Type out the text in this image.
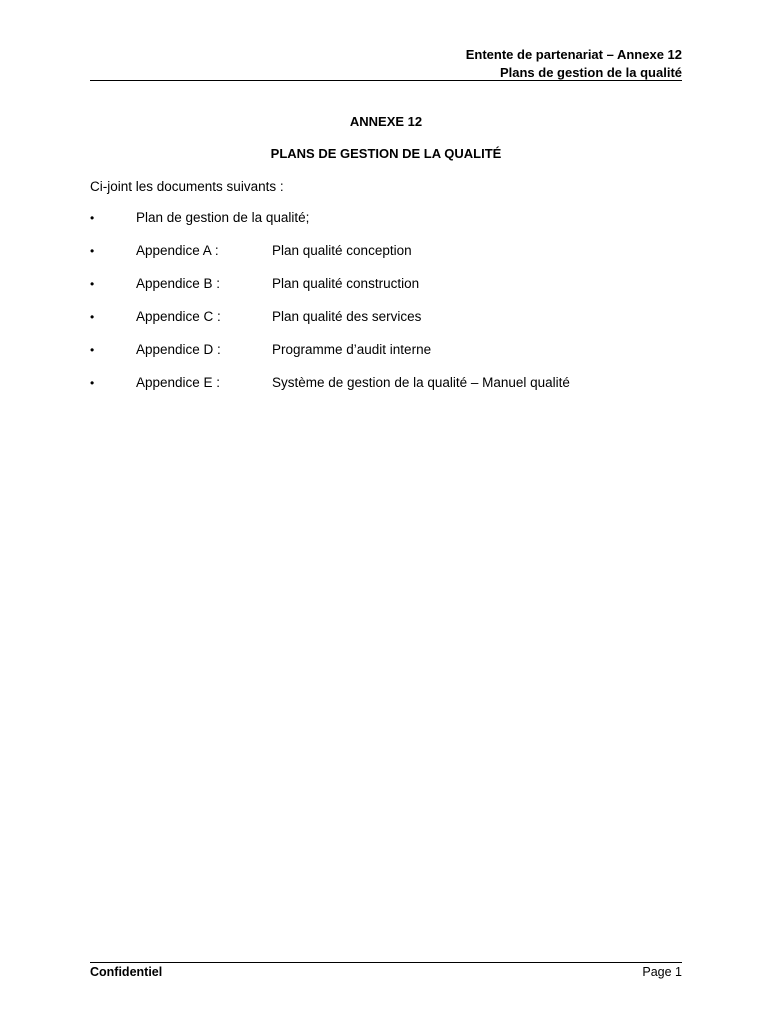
Entente de partenariat – Annexe 12
Plans de gestion de la qualité
ANNEXE 12
PLANS DE GESTION DE LA QUALITÉ
Ci-joint les documents suivants :
•	Plan de gestion de la qualité;
•	Appendice A :	Plan qualité conception
•	Appendice B :	Plan qualité construction
•	Appendice C :	Plan qualité des services
•	Appendice D :	Programme d’audit interne
•	Appendice E :	Système de gestion de la qualité – Manuel qualité
Confidentiel	Page 1
